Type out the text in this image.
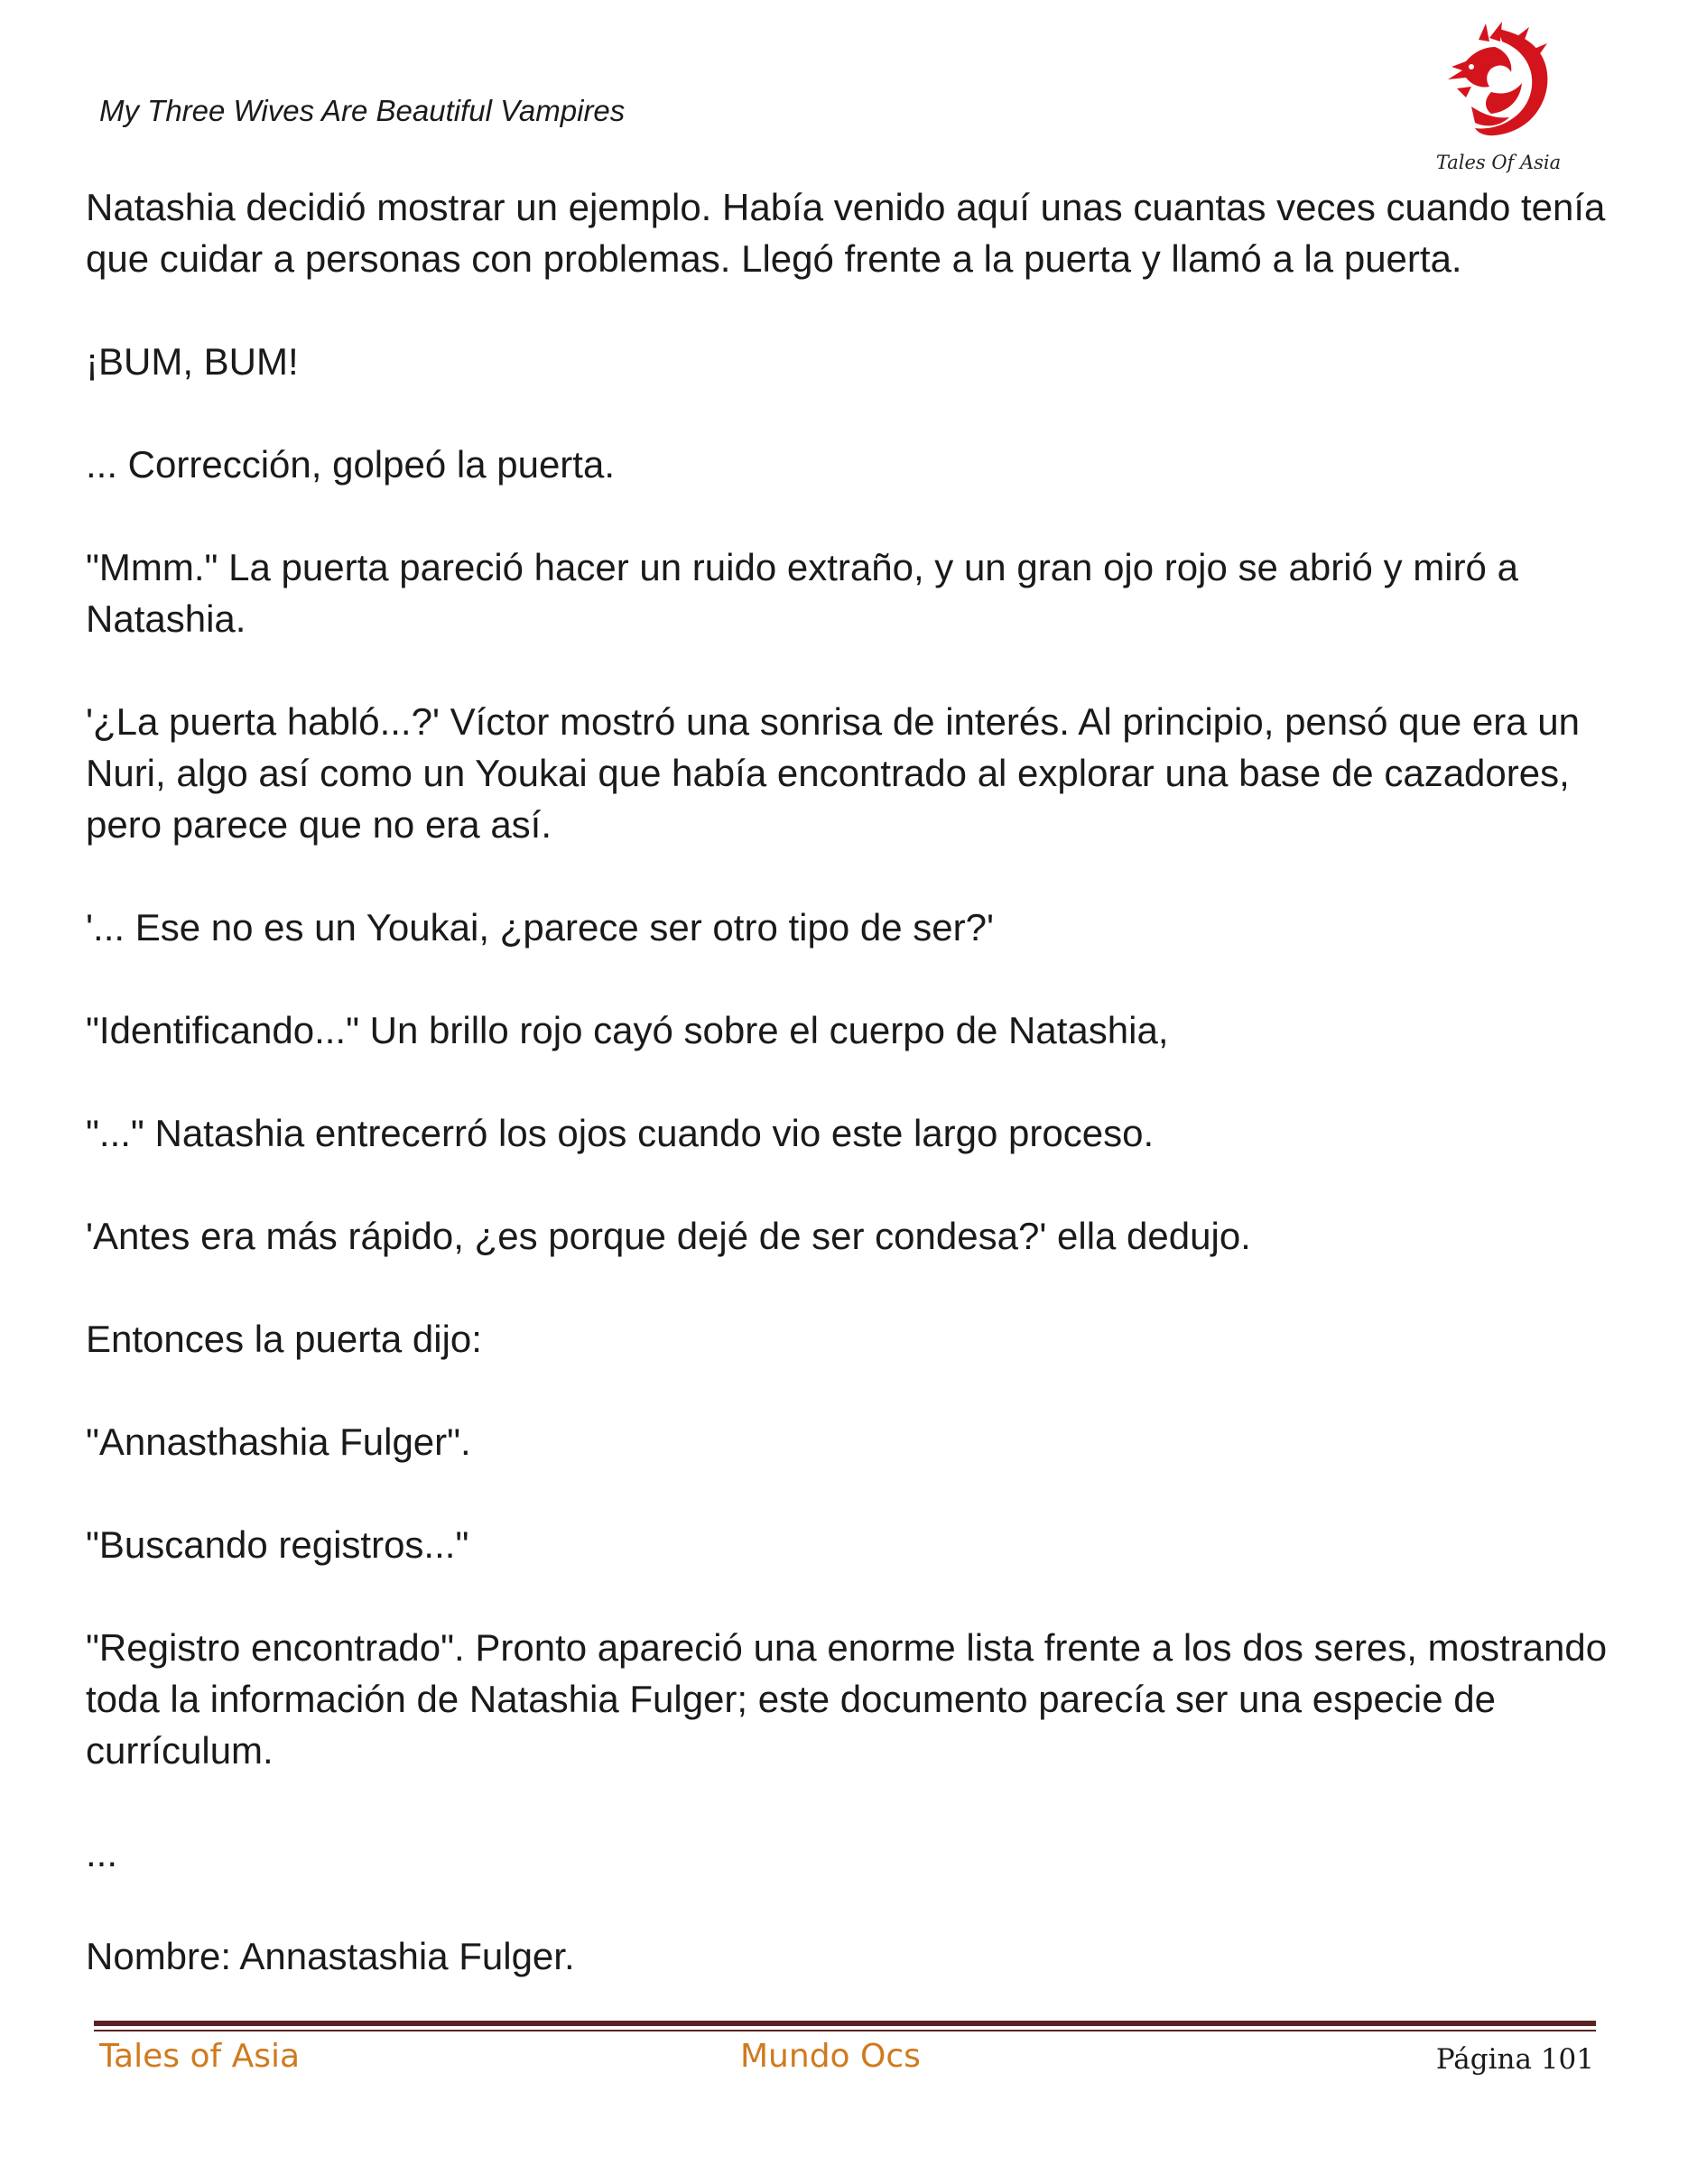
My Three Wives Are Beautiful Vampires
Tales Of Asia

Natashia decidió mostrar un ejemplo. Había venido aquí unas cuantas veces cuando tenía que cuidar a personas con problemas. Llegó frente a la puerta y llamó a la puerta.

¡BUM, BUM!

... Corrección, golpeó la puerta.

"Mmm." La puerta pareció hacer un ruido extraño, y un gran ojo rojo se abrió y miró a Natashia.

'¿La puerta habló...?' Víctor mostró una sonrisa de interés. Al principio, pensó que era un Nuri, algo así como un Youkai que había encontrado al explorar una base de cazadores, pero parece que no era así.

'... Ese no es un Youkai, ¿parece ser otro tipo de ser?'

"Identificando..." Un brillo rojo cayó sobre el cuerpo de Natashia,

"..." Natashia entrecerró los ojos cuando vio este largo proceso.

'Antes era más rápido, ¿es porque dejé de ser condesa?' ella dedujo.

Entonces la puerta dijo:

"Annasthashia Fulger".

"Buscando registros..."

"Registro encontrado". Pronto apareció una enorme lista frente a los dos seres, mostrando toda la información de Natashia Fulger; este documento parecía ser una especie de currículum.

...

Nombre: Annastashia Fulger.

Tales of Asia	Mundo Ocs	Página 101
